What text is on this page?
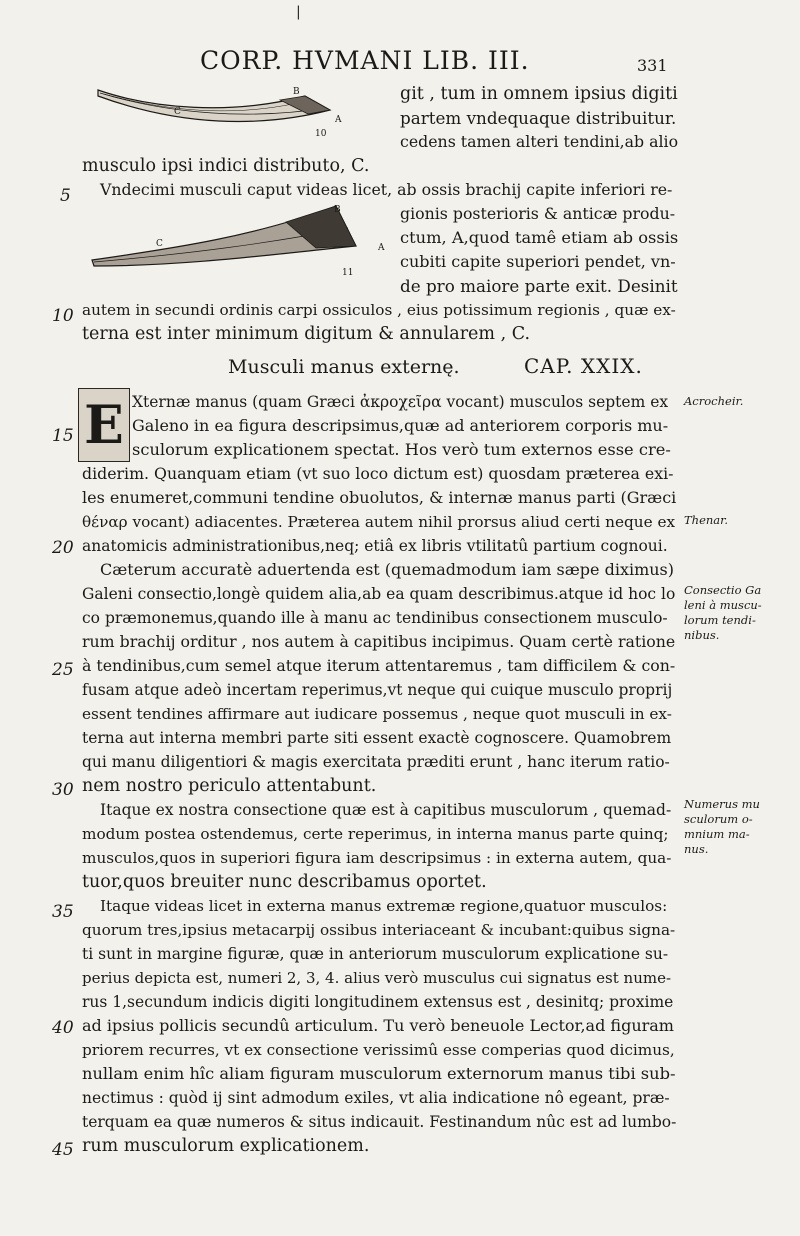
|
CORP. HVMANI LIB. III.	331
C
B
A
10
C
B
A
11
git , tum in omnem ipsius digiti
partem vndequaque distribuitur.
cedens tamen alteri tendini,ab alio
musculo ipsi indici distributo, C.
Vndecimi musculi caput videas licet, ab ossis brachij capite inferiori re-
gionis posterioris & anticæ produ-
ctum, A,quod tamê etiam ab ossis
cubiti capite superiori pendet, vn-
de pro maiore parte exit. Desinit
autem in secundi ordinis carpi ossiculos , eius potissimum regionis , quæ ex-
terna est inter minimum digitum & annularem , C.
Musculi manus externę.	CAP. XXIX.
E Xternæ manus (quam Græci ἀκροχεῖρα vocant) musculos septem ex
Galeno in ea figura descripsimus,quæ ad anteriorem corporis mu-
sculorum explicationem spectat. Hos verò tum externos esse cre-
diderim. Quanquam etiam (vt suo loco dictum est) quosdam præterea exi-
les enumeret,communi tendine obuolutos, & internæ manus parti (Græci
θέναρ vocant) adiacentes. Præterea autem nihil prorsus aliud certi neque ex
anatomicis administrationibus,neq; etiâ ex libris vtilitatû partium cognoui.
Cæterum accuratè aduertenda est (quemadmodum iam sæpe diximus)
Galeni consectio,longè quidem alia,ab ea quam describimus.atque id hoc lo
co præmonemus,quando ille à manu ac tendinibus consectionem musculo-
rum brachij orditur , nos autem à capitibus incipimus. Quam certè ratione
à tendinibus,cum semel atque iterum attentaremus , tam difficilem & con-
fusam atque adeò incertam reperimus,vt neque qui cuique musculo proprij
essent tendines affirmare aut iudicare possemus , neque quot musculi in ex-
terna aut interna membri parte siti essent exactè cognoscere. Quamobrem
qui manu diligentiori & magis exercitata præditi erunt , hanc iterum ratio-
nem nostro periculo attentabunt.
Itaque ex nostra consectione quæ est à capitibus musculorum , quemad-
modum postea ostendemus, certe reperimus, in interna manus parte quinq;
musculos,quos in superiori figura iam descripsimus : in externa autem, qua-
tuor,quos breuiter nunc describamus oportet.
Itaque videas licet in externa manus extremæ regione,quatuor musculos:
quorum tres,ipsius metacarpij ossibus interiaceant & incubant:quibus signa-
ti sunt in margine figuræ, quæ in anteriorum musculorum explicatione su-
perius depicta est, numeri 2, 3, 4. alius verò musculus cui signatus est nume-
rus 1,secundum indicis digiti longitudinem extensus est , desinitq; proxime
ad ipsius pollicis secundû articulum. Tu verò beneuole Lector,ad figuram
priorem recurres, vt ex consectione verissimû esse comperias quod dicimus,
nullam enim hîc aliam figuram musculorum externorum manus tibi sub-
nectimus : quòd ij sint admodum exiles, vt alia indicatione nô egeant, præ-
terquam ea quæ numeros & situs indicauit. Festinandum nûc est ad lumbo-
rum musculorum explicationem.
5
10
15
20
25
30
35
40
45
Acrocheir.
Thenar.
Consectio Ga
leni à muscu-
lorum tendi-
nibus.
Numerus mu
sculorum o-
mnium ma-
nus.
